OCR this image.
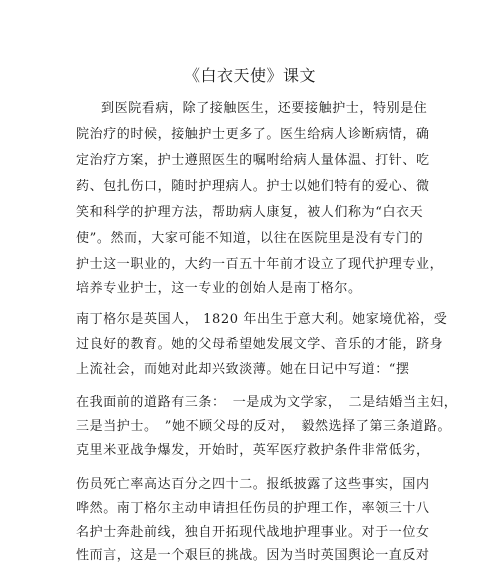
《白衣天使》课文
到医院看病，除了接触医生，还要接触护士，特别是住
院治疗的时候，接触护士更多了。医生给病人诊断病情，确
定治疗方案，护士遵照医生的嘱咐给病人量体温、打针、吃
药、包扎伤口，随时护理病人。护士以她们特有的爱心、微
笑和科学的护理方法，帮助病人康复，被人们称为“白衣天
使”。然而，大家可能不知道，以往在医院里是没有专门的
护士这一职业的，大约一百五十年前才设立了现代护理专业，
培养专业护士，这一专业的创始人是南丁格尔。
南丁格尔是英国人， 1820 年出生于意大利。她家境优裕，受
过良好的教育。她的父母希望她发展文学、音乐的才能，跻身
上流社会，而她对此却兴致淡薄。她在日记中写道：“摆
在我面前的道路有三条：　一是成为文学家，　二是结婚当主妇，
三是当护士。　”她不顾父母的反对，　毅然选择了第三条道路。
克里米亚战争爆发，开始时，英军医疗救护条件非常低劣，
伤员死亡率高达百分之四十二。报纸披露了这些事实，国内
哗然。南丁格尔主动申请担任伤员的护理工作，率领三十八
名护士奔赴前线，独自开拓现代战地护理事业。对于一位女
性而言，这是一个艰巨的挑战。因为当时英国舆论一直反对
